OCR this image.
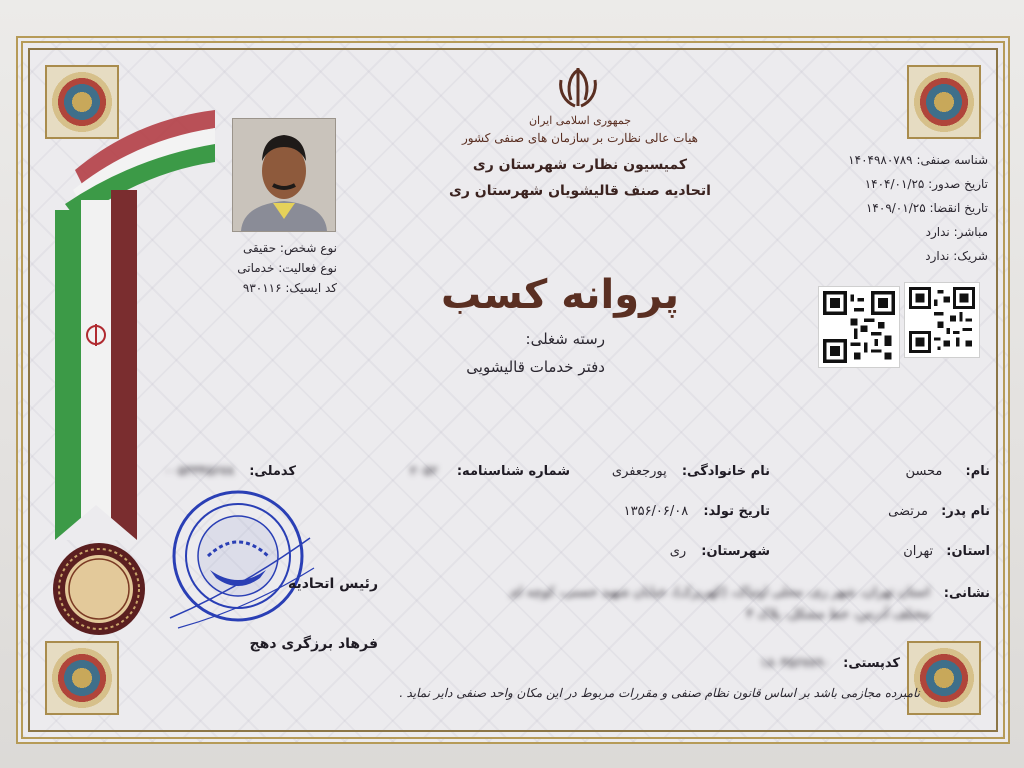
جمهوری اسلامی ایران
هیات عالی نظارت بر سازمان های صنفی کشور
کمیسیون نظارت شهرستان ری
اتحادیه صنف قالیشویان شهرستان ری
پروانه کسب
رسته شغلی:
دفتر خدمات قالیشویی
نوع شخص: حقیقی
نوع فعالیت: خدماتی
کد ایسیک: ۹۳۰۱۱۶
شناسه صنفی: ۱۴۰۴۹۸۰۷۸۹
تاریخ صدور: ۱۴۰۴/۰۱/۲۵
تاریخ انقضا: ۱۴۰۹/۰۱/۲۵
مباشر: ندارد
شریک: ندارد
نام: محسن
نام خانوادگی: پورجعفری
شماره شناسنامه: ۲۰۵۲
کدملی: ۰۰۵۳۳۴۵۶۷۸
نام پدر: مرتضی
تاریخ تولد: ۱۳۵۶/۰۶/۰۸
استان: تهران
شهرستان: ری
نشانی:
استان تهران، شهر ری، محلی اوتیاک، (کهریزک)، خیابان شهید حسنی، کوچه ای
مختلف آدرس، خط مشکل، پلاک ۴
کدپستی: ۱۸۰۴۵۶۷۸۹۰
رئیس اتحادیه
فرهاد برزگری دهج
نامبرده مجازمی باشد بر اساس قانون نظام صنفی و مقررات مربوط در این مکان واحد صنفی دایر نماید .
